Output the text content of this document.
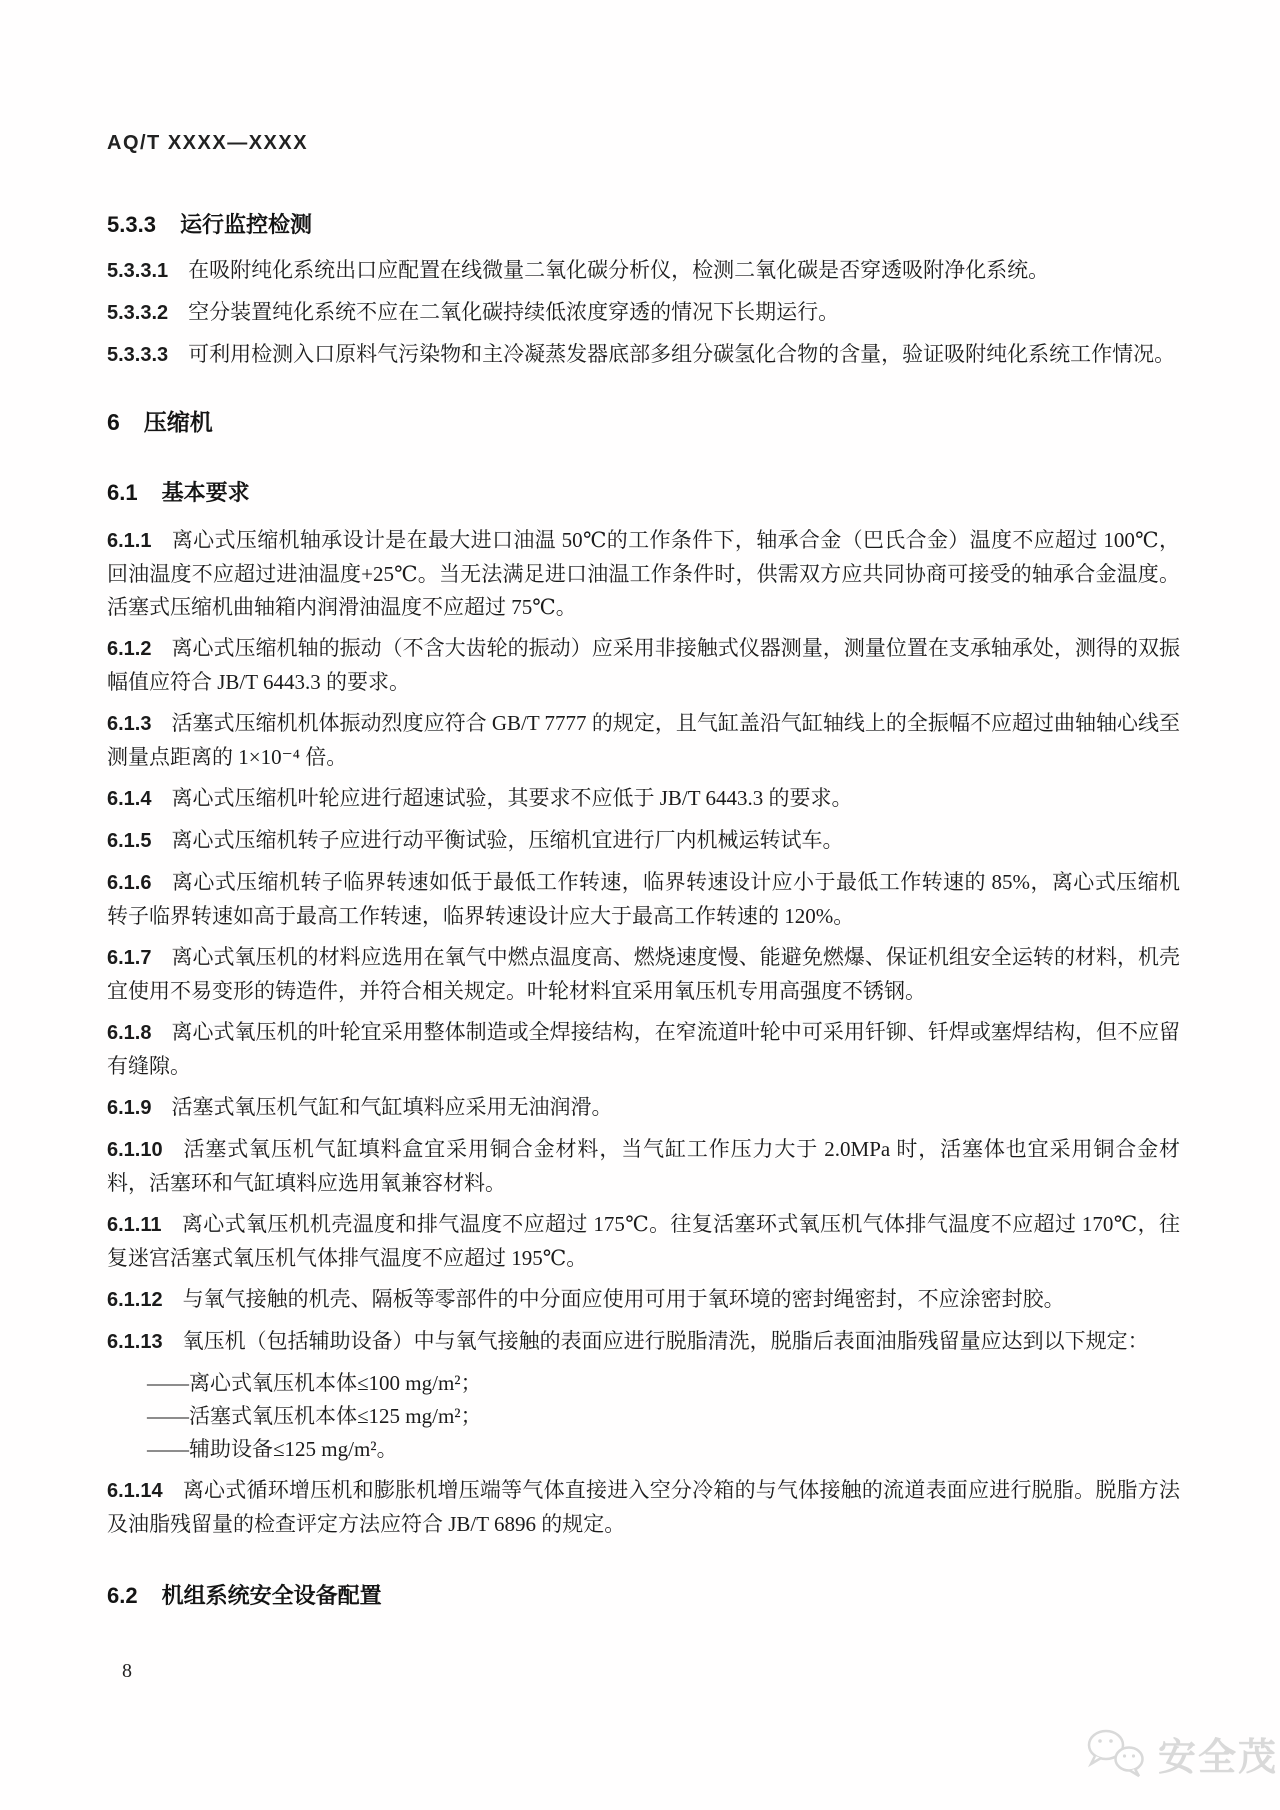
AQ/T XXXX—XXXX
5.3.3 运行监控检测

5.3.3.1 在吸附纯化系统出口应配置在线微量二氧化碳分析仪，检测二氧化碳是否穿透吸附净化系统。

5.3.3.2 空分装置纯化系统不应在二氧化碳持续低浓度穿透的情况下长期运行。

5.3.3.3 可利用检测入口原料气污染物和主冷凝蒸发器底部多组分碳氢化合物的含量，验证吸附纯化系统工作情况。

6 压缩机
6.1 基本要求

6.1.1 离心式压缩机轴承设计是在最大进口油温 50℃的工作条件下，轴承合金（巴氏合金）温度不应超过 100℃，回油温度不应超过进油温度+25℃。当无法满足进口油温工作条件时，供需双方应共同协商可接受的轴承合金温度。活塞式压缩机曲轴箱内润滑油温度不应超过 75℃。

6.1.2 离心式压缩机轴的振动（不含大齿轮的振动）应采用非接触式仪器测量，测量位置在支承轴承处，测得的双振幅值应符合 JB/T 6443.3 的要求。

6.1.3 活塞式压缩机机体振动烈度应符合 GB/T 7777 的规定，且气缸盖沿气缸轴线上的全振幅不应超过曲轴轴心线至测量点距离的 1×10⁻⁴ 倍。

6.1.4 离心式压缩机叶轮应进行超速试验，其要求不应低于 JB/T 6443.3 的要求。

6.1.5 离心式压缩机转子应进行动平衡试验，压缩机宜进行厂内机械运转试车。

6.1.6 离心式压缩机转子临界转速如低于最低工作转速，临界转速设计应小于最低工作转速的 85%，离心式压缩机转子临界转速如高于最高工作转速，临界转速设计应大于最高工作转速的 120%。

6.1.7 离心式氧压机的材料应选用在氧气中燃点温度高、燃烧速度慢、能避免燃爆、保证机组安全运转的材料，机壳宜使用不易变形的铸造件，并符合相关规定。叶轮材料宜采用氧压机专用高强度不锈钢。

6.1.8 离心式氧压机的叶轮宜采用整体制造或全焊接结构，在窄流道叶轮中可采用钎铆、钎焊或塞焊结构，但不应留有缝隙。

6.1.9 活塞式氧压机气缸和气缸填料应采用无油润滑。

6.1.10 活塞式氧压机气缸填料盒宜采用铜合金材料，当气缸工作压力大于 2.0MPa 时，活塞体也宜采用铜合金材料，活塞环和气缸填料应选用氧兼容材料。

6.1.11 离心式氧压机机壳温度和排气温度不应超过 175℃。往复活塞环式氧压机气体排气温度不应超过 170℃，往复迷宫活塞式氧压机气体排气温度不应超过 195℃。

6.1.12 与氧气接触的机壳、隔板等零部件的中分面应使用可用于氧环境的密封绳密封，不应涂密封胶。

6.1.13 氧压机（包括辅助设备）中与氧气接触的表面应进行脱脂清洗，脱脂后表面油脂残留量应达到以下规定：

——离心式氧压机本体≤100 mg/m²；
——活塞式氧压机本体≤125 mg/m²；
——辅助设备≤125 mg/m²。

6.1.14 离心式循环增压机和膨胀机增压端等气体直接进入空分冷箱的与气体接触的流道表面应进行脱脂。脱脂方法及油脂残留量的检查评定方法应符合 JB/T 6896 的规定。

6.2 机组系统安全设备配置
8
安全茂
